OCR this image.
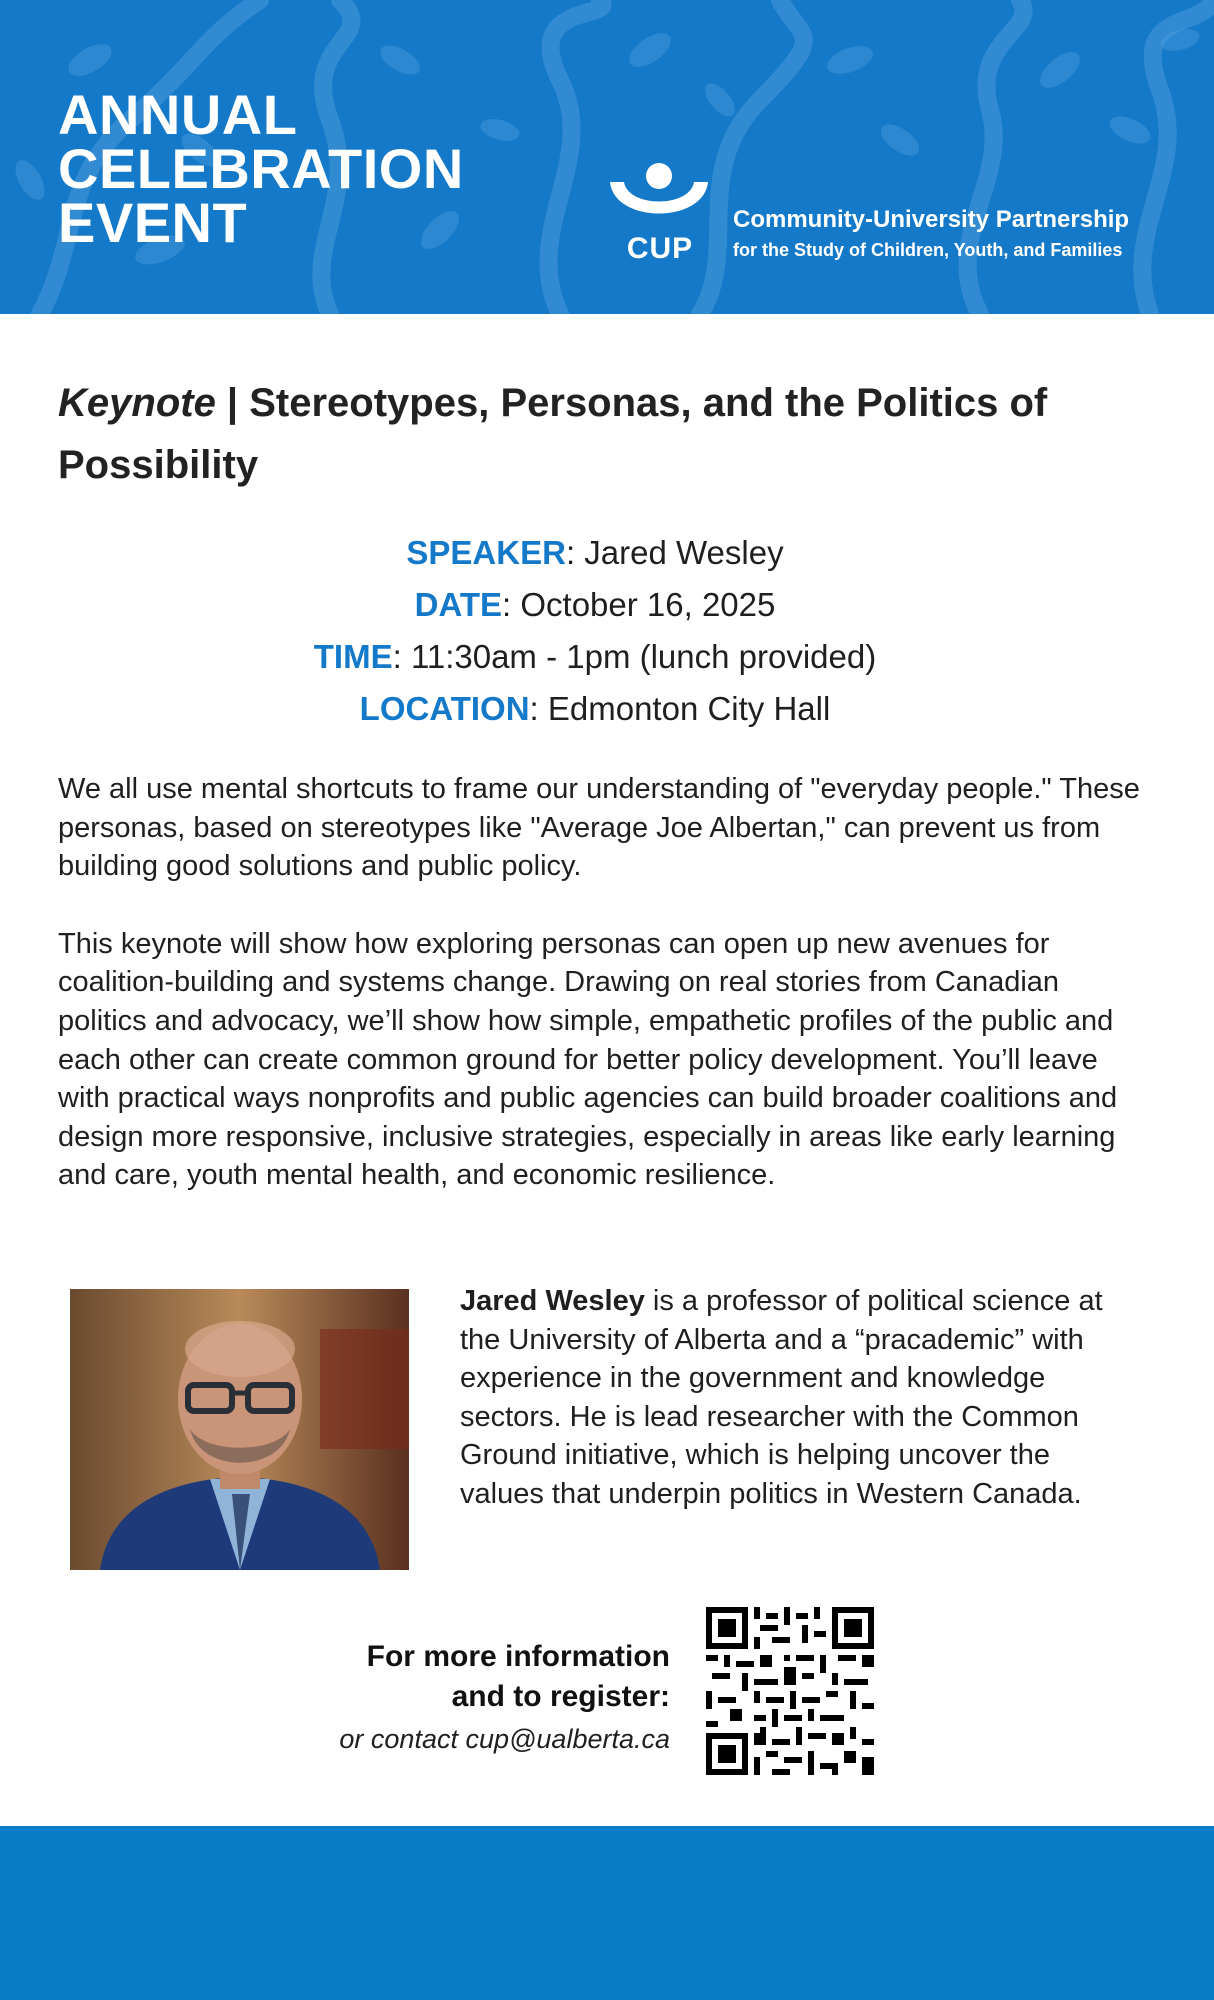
ANNUAL
CELEBRATION
EVENT	CUP
Community-University Partnership
for the Study of Children, Youth, and Families
Keynote | Stereotypes, Personas, and the Politics of Possibility
SPEAKER: Jared Wesley
DATE: October 16, 2025
TIME: 11:30am - 1pm (lunch provided)
LOCATION: Edmonton City Hall

We all use mental shortcuts to frame our understanding of "everyday people." These personas, based on stereotypes like "Average Joe Albertan," can prevent us from building good solutions and public policy.

This keynote will show how exploring personas can open up new avenues for coalition-building and systems change. Drawing on real stories from Canadian politics and advocacy, we’ll show how simple, empathetic profiles of the public and each other can create common ground for better policy development. You’ll leave with practical ways nonprofits and public agencies can build broader coalitions and design more responsive, inclusive strategies, especially in areas like early learning and care, youth mental health, and economic resilience.

Jared Wesley is a professor of political science at the University of Alberta and a “pracademic” with experience in the government and knowledge sectors. He is lead researcher with the Common Ground initiative, which is helping uncover the values that underpin politics in Western Canada.
For more information
and to register:
or contact cup@ualberta.ca
